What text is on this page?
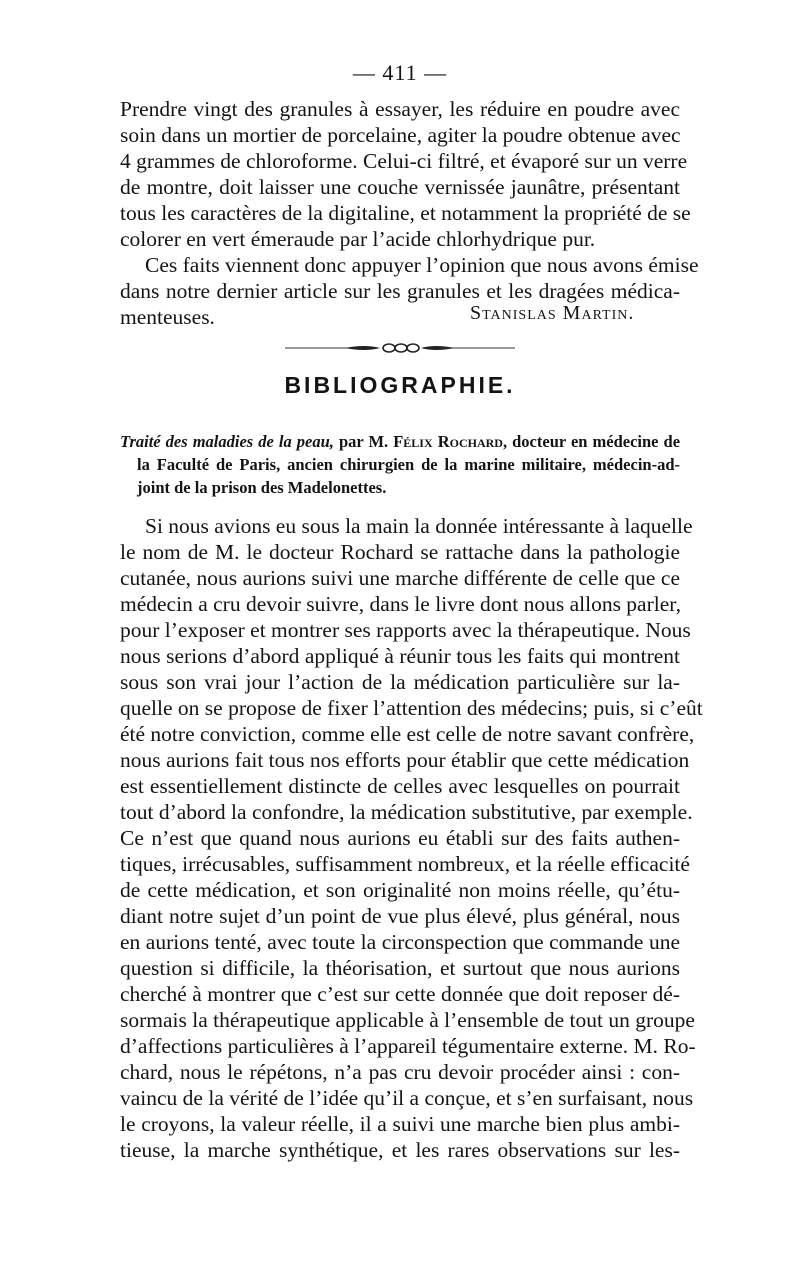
— 411 —
Prendre vingt des granules à essayer, les réduire en poudre avec
soin dans un mortier de porcelaine, agiter la poudre obtenue avec
4 grammes de chloroforme. Celui-ci filtré, et évaporé sur un verre
de montre, doit laisser une couche vernissée jaunâtre, présentant
tous les caractères de la digitaline, et notamment la propriété de se
colorer en vert émeraude par l’acide chlorhydrique pur.
Ces faits viennent donc appuyer l’opinion que nous avons émise
dans notre dernier article sur les granules et les dragées médica-
menteuses.	Stanislas Martin.
BIBLIOGRAPHIE.
Traité des maladies de la peau, par M. Félix Rochard, docteur en médecine de
la Faculté de Paris, ancien chirurgien de la marine militaire, médecin-ad-
joint de la prison des Madelonettes.
Si nous avions eu sous la main la donnée intéressante à laquelle
le nom de M. le docteur Rochard se rattache dans la pathologie
cutanée, nous aurions suivi une marche différente de celle que ce
médecin a cru devoir suivre, dans le livre dont nous allons parler,
pour l’exposer et montrer ses rapports avec la thérapeutique. Nous
nous serions d’abord appliqué à réunir tous les faits qui montrent
sous son vrai jour l’action de la médication particulière sur la-
quelle on se propose de fixer l’attention des médecins; puis, si c’eût
été notre conviction, comme elle est celle de notre savant confrère,
nous aurions fait tous nos efforts pour établir que cette médication
est essentiellement distincte de celles avec lesquelles on pourrait
tout d’abord la confondre, la médication substitutive, par exemple.
Ce n’est que quand nous aurions eu établi sur des faits authen-
tiques, irrécusables, suffisamment nombreux, et la réelle efficacité
de cette médication, et son originalité non moins réelle, qu’étu-
diant notre sujet d’un point de vue plus élevé, plus général, nous
en aurions tenté, avec toute la circonspection que commande une
question si difficile, la théorisation, et surtout que nous aurions
cherché à montrer que c’est sur cette donnée que doit reposer dé-
sormais la thérapeutique applicable à l’ensemble de tout un groupe
d’affections particulières à l’appareil tégumentaire externe. M. Ro-
chard, nous le répétons, n’a pas cru devoir procéder ainsi : con-
vaincu de la vérité de l’idée qu’il a conçue, et s’en surfaisant, nous
le croyons, la valeur réelle, il a suivi une marche bien plus ambi-
tieuse, la marche synthétique, et les rares observations sur les-
